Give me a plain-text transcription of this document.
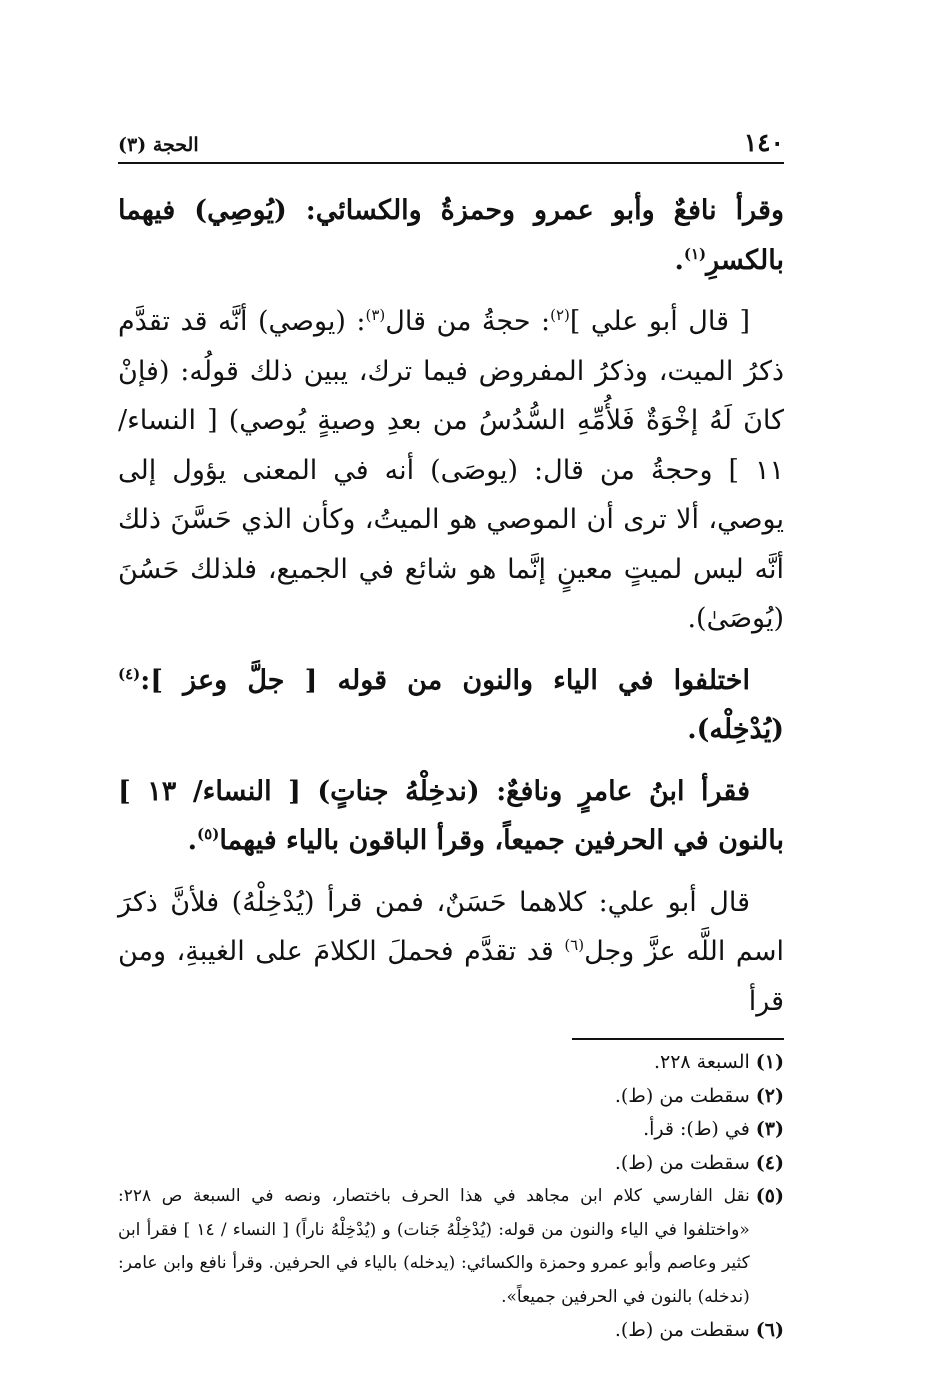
١٤٠
الحجة (٣)

وقرأ نافعٌ وأبو عمرو وحمزةُ والكسائي: (يُوصِي) فيهما بالكسرِ$^{(١)}$.

[ قال أبو علي ]$^{(٢)}$: حجةُ من قال$^{(٣)}$: (يوصي) أنَّه قد تقدَّم ذكرُ الميت، وذكرُ المفروض فيما ترك، يبين ذلك قولُه: (فإنْ كانَ لَهُ إخْوَةٌ فَلأُمِّهِ السُّدُسُ من بعدِ وصيةٍ يُوصي) [ النساء/١١ ] وحجةُ من قال: (يوصَى) أنه في المعنى يؤول إلى يوصي، ألا ترى أن الموصي هو الميتُ، وكأن الذي حَسَّنَ ذلك أنَّه ليس لميتٍ معينٍ إنَّما هو شائع في الجميع، فلذلك حَسُنَ (يُوصَىٰ).

اختلفوا في الياء والنون من قوله [ جلَّ وعز ]:$^{(٤)}$ (يُدْخِلْه).

فقرأ ابنُ عامرٍ ونافعٌ: (ندخِلْهُ جناتٍ) [ النساء/ ١٣ ] بالنون في الحرفين جميعاً، وقرأ الباقون بالياء فيهما$^{(٥)}$.

قال أبو علي: كلاهما حَسَنٌ، فمن قرأ (يُدْخِلْهُ) فلأنَّ ذكرَ اسم اللَّه عزَّ وجل$^{(٦)}$ قد تقدَّم فحملَ الكلامَ على الغيبةِ، ومن قرأ

(١)
السبعة ٢٢٨.
(٢)
سقطت من (ط).
(٣)
في (ط): قرأ.
(٤)
سقطت من (ط).
(٥)
نقل الفارسي كلام ابن مجاهد في هذا الحرف باختصار، ونصه في السبعة ص ٢٢٨: «واختلفوا في الياء والنون من قوله: (يُدْخِلْهُ جَنات) و (يُدْخِلْهُ ناراً) [ النساء / ١٤ ] فقرأ ابن كثير وعاصم وأبو عمرو وحمزة والكسائي: (يدخله) بالياء في الحرفين. وقرأ نافع وابن عامر: (ندخله) بالنون في الحرفين جميعاً».
(٦)
سقطت من (ط).
